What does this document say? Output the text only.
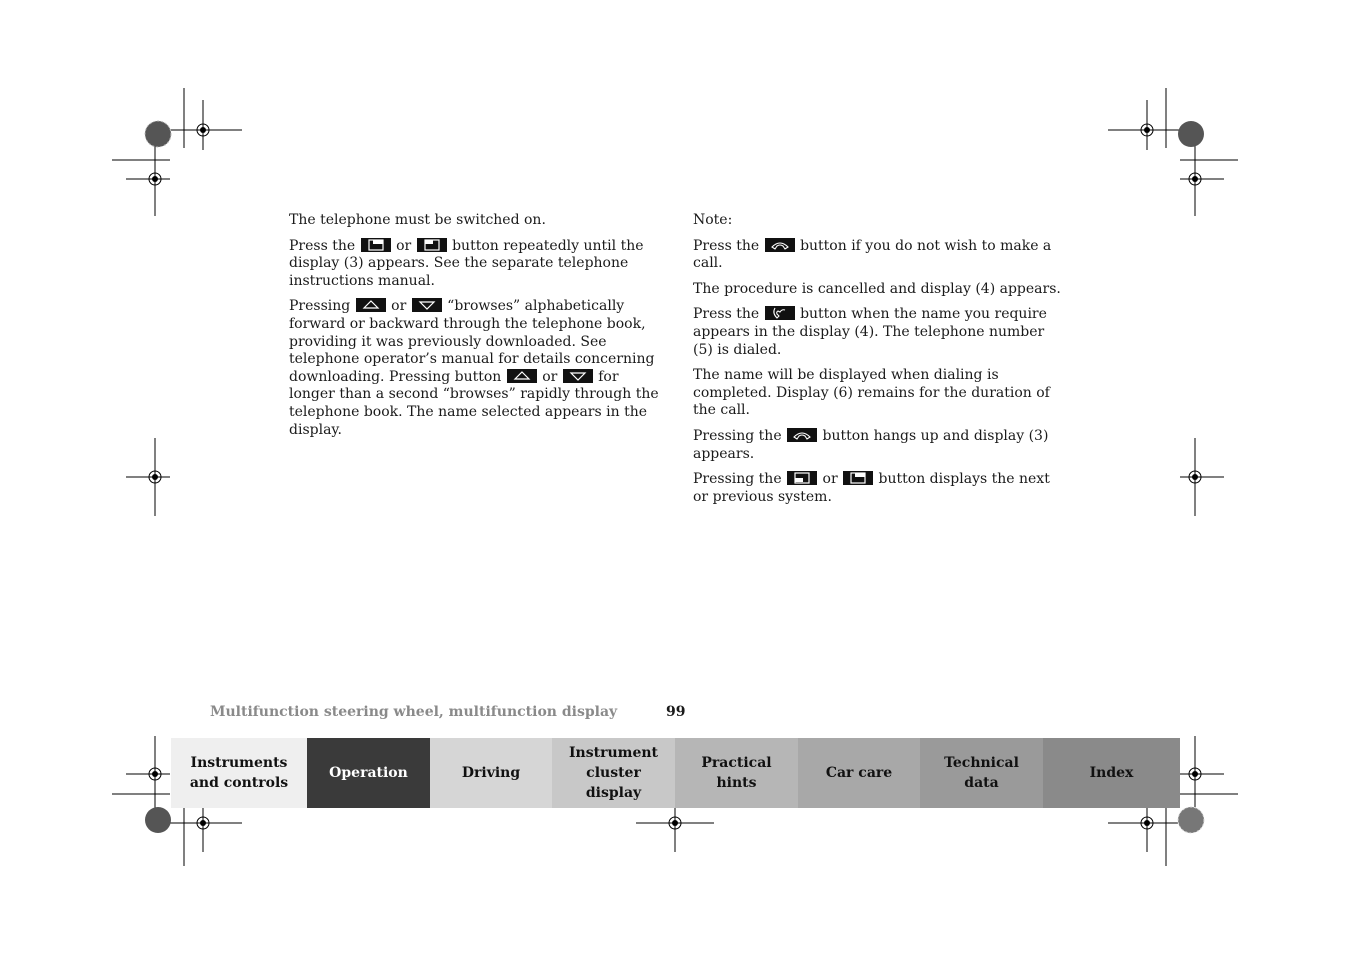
The telephone must be switched on.

Press the	or	button repeatedly until the display (3) appears. See the separate telephone instructions manual.

Pressing	or	“browses” alphabetically forward or backward through the telephone book, providing it was previously downloaded. See telephone operator’s manual for details concerning downloading. Pressing button	or	for longer than a second “browses” rapidly through the telephone book. The name selected appears in the display.

Note:

Press the	button if you do not wish to make a call.

The procedure is cancelled and display (4) appears.

Press the	button when the name you require appears in the display (4). The telephone number (5) is dialed.

The name will be displayed when dialing is completed. Display (6) remains for the duration of the call.

Pressing the	button hangs up and display (3) appears.

Pressing the	or	button displays the next or previous system.

Multifunction steering wheel, multifunction display	99
Instruments
and controls
Operation	Driving
Instrument
cluster display
Practical hints
Car care
Technical
data
Index
